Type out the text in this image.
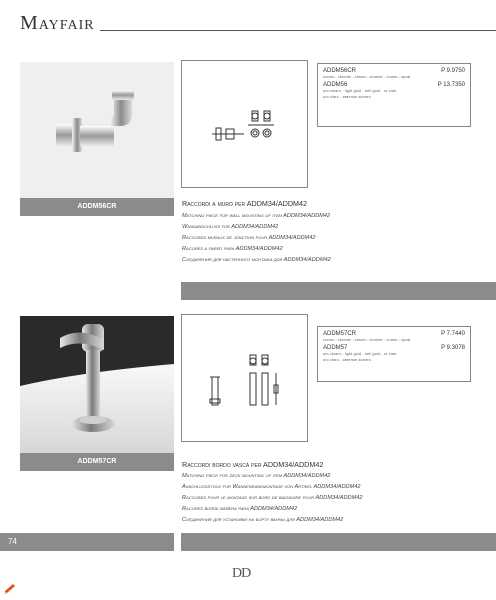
Mayfair
ADDM56CR
ADDM56CR	P 9.9750
cromo - chrome - chrom - chrome - cromo - хром
ADDM56	P 13.7350
oro chiaro - light gold - hell gold - or clair
oro claro - светлое золото
Raccordi a muro per ADDM34/ADDM42
Matching piece for wall mounting of item ADDM34/ADDM42
Wandanschluss für ADDM34/ADDM42
Raccords muraux de jonction pour ADDM34/ADDM42
Racores a pared para ADDM34/ADDM42
Соединения для настенного монтажа для ADDM34/ADDM42
ADDM57CR
ADDM57CR	P 7.7440
cromo - chrome - chrom - chrome - cromo - хром
ADDM57	P 9.3078
oro chiaro - light gold - hell gold - or clair
oro claro - светлое золото
Raccordi bordo vasca per ADDM34/ADDM42
Matching piece for deck mounting of item ADDM34/ADDM42
Anschlussstück für Wannenrandmontage von Artikel ADDM34/ADDM42
Raccords pour le montage sur bord de baignoire pour ADDM34/ADDM42
Racores borde bañera para ADDM34/ADDM42
Соединения для установки на борту ванны для ADDM34/ADDM42
74
DD
